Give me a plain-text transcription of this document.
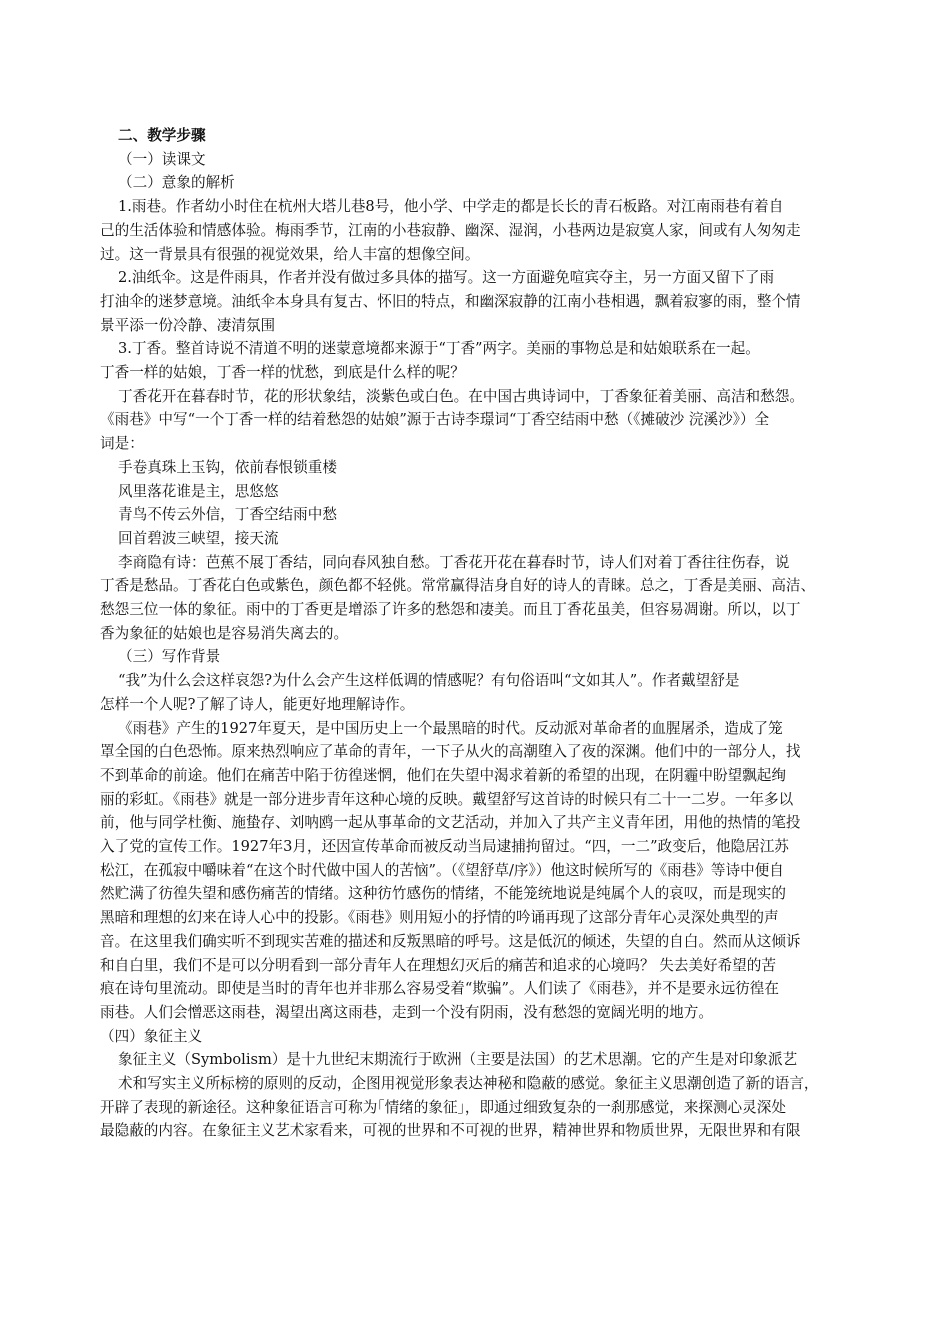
二、教学步骤
（一）读课文
（二）意象的解析
1.雨巷。作者幼小时住在杭州大塔儿巷8号，他小学、中学走的都是长长的青石板路。对江南雨巷有着自
己的生活体验和情感体验。梅雨季节，江南的小巷寂静、幽深、湿润，小巷两边是寂寞人家，间或有人匆匆走
过。这一背景具有很强的视觉效果，给人丰富的想像空间。
2.油纸伞。这是件雨具，作者并没有做过多具体的描写。这一方面避免喧宾夺主，另一方面又留下了雨
打油伞的迷梦意境。油纸伞本身具有复古、怀旧的特点，和幽深寂静的江南小巷相遇，飘着寂寥的雨，整个情
景平添一份冷静、凄清氛围
3.丁香。整首诗说不清道不明的迷蒙意境都来源于“丁香”两字。美丽的事物总是和姑娘联系在一起。
丁香一样的姑娘，丁香一样的忧愁，到底是什么样的呢？
丁香花开在暮春时节，花的形状象结，淡紫色或白色。在中国古典诗词中，丁香象征着美丽、高洁和愁怨。
《雨巷》中写“一个丁香一样的结着愁怨的姑娘”源于古诗李璟词“丁香空结雨中愁（《摊破沙 浣溪沙》）全
词是：
手卷真珠上玉钩，依前春恨锁重楼
风里落花谁是主，思悠悠
青鸟不传云外信，丁香空结雨中愁
回首碧波三峡望，接天流
李商隐有诗：芭蕉不展丁香结，同向春风独自愁。丁香花开花在暮春时节，诗人们对着丁香往往伤春，说
丁香是愁品。丁香花白色或紫色，颜色都不轻佻。常常赢得洁身自好的诗人的青睐。总之，丁香是美丽、高洁、
愁怨三位一体的象征。雨中的丁香更是增添了许多的愁怨和凄美。而且丁香花虽美，但容易凋谢。所以，以丁
香为象征的姑娘也是容易消失离去的。
（三）写作背景
“我”为什么会这样哀怨?为什么会产生这样低调的情感呢？有句俗语叫“文如其人”。作者戴望舒是
怎样一个人呢?了解了诗人，能更好地理解诗作。
《雨巷》产生的1927年夏天，是中国历史上一个最黑暗的时代。反动派对革命者的血腥屠杀，造成了笼
罩全国的白色恐怖。原来热烈响应了革命的青年，一下子从火的高潮堕入了夜的深渊。他们中的一部分人，找
不到革命的前途。他们在痛苦中陷于彷徨迷惘，他们在失望中渴求着新的希望的出现，在阴霾中盼望飘起绚
丽的彩虹。《雨巷》就是一部分进步青年这种心境的反映。戴望舒写这首诗的时候只有二十一二岁。一年多以
前，他与同学杜衡、施蛰存、刘呐鸥一起从事革命的文艺活动，并加入了共产主义青年团，用他的热情的笔投
入了党的宣传工作。1927年3月，还因宣传革命而被反动当局逮捕拘留过。“四，一二”政变后，他隐居江苏
松江，在孤寂中嚼味着“在这个时代做中国人的苦恼”。（《望舒草/序》）他这时候所写的《雨巷》等诗中便自
然贮满了彷徨失望和感伤痛苦的情绪。这种彷竹感伤的情绪，不能笼统地说是纯属个人的哀叹，而是现实的
黑暗和理想的幻来在诗人心中的投影。《雨巷》则用短小的抒情的吟诵再现了这部分青年心灵深处典型的声
音。在这里我们确实听不到现实苦难的描述和反叛黑暗的呼号。这是低沉的倾述，失望的自白。然而从这倾诉
和自白里，我们不是可以分明看到一部分青年人在理想幻灭后的痛苦和追求的心境吗？ 失去美好希望的苦
痕在诗句里流动。即使是当时的青年也并非那么容易受着“欺骗”。人们读了《雨巷》，并不是要永远彷徨在
雨巷。人们会憎恶这雨巷，渴望出离这雨巷，走到一个没有阴雨，没有愁怨的宽阔光明的地方。
（四）象征主义
象征主义（Symbolism）是十九世纪末期流行于欧洲（主要是法国）的艺术思潮。它的产生是对印象派艺
术和写实主义所标榜的原则的反动，企图用视觉形象表达神秘和隐蔽的感觉。象征主义思潮创造了新的语言，
开辟了表现的新途径。这种象征语言可称为｢情绪的象征｣，即通过细致复杂的一刹那感觉，来探测心灵深处
最隐蔽的内容。在象征主义艺术家看来，可视的世界和不可视的世界，精神世界和物质世界，无限世界和有限
